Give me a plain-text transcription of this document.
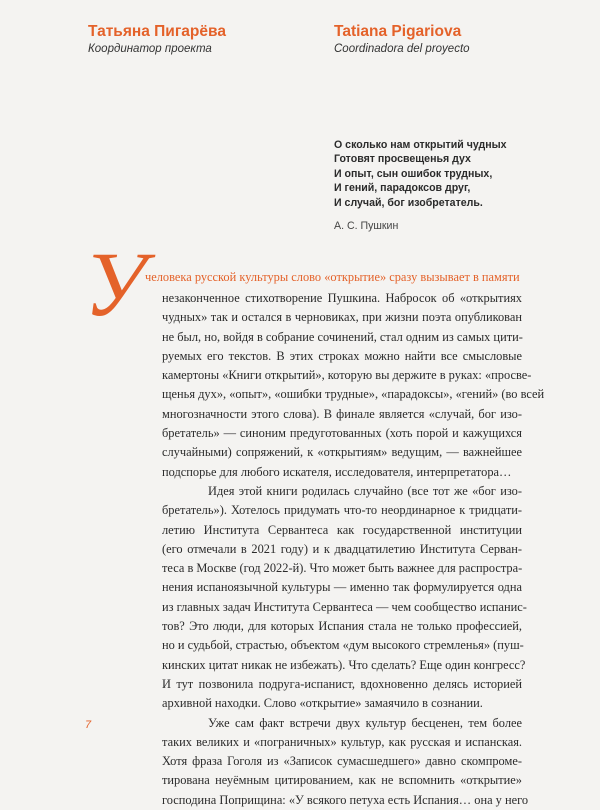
Татьяна Пигарёва
Координатор проекта
Tatiana Pigariova
Coordinadora del proyecto
О сколько нам открытий чудных
Готовят просвещенья дух
И опыт, сын ошибок трудных,
И гений, парадоксов друг,
И случай, бог изобретатель.
А. С. Пушкин
У человека русской культуры слово «открытие» сразу вызывает в памяти
незаконченное стихотворение Пушкина. Набросок об «открытиях
чудных» так и остался в черновиках, при жизни поэта опубликован
не был, но, войдя в собрание сочинений, стал одним из самых цити-
руемых его текстов. В этих строках можно найти все смысловые
камертоны «Книги открытий», которую вы держите в руках: «просве-
щенья дух», «опыт», «ошибки трудные», «парадоксы», «гений» (во всей
многозначности этого слова). В финале является «случай, бог изо-
бретатель» — синоним предуготованных (хоть порой и кажущихся
случайными) сопряжений, к «открытиям» ведущим, — важнейшее
подспорье для любого искателя, исследователя, интерпретатора…
Идея этой книги родилась случайно (все тот же «бог изо-
бретатель»). Хотелось придумать что-то неординарное к тридцати-
летию Института Сервантеса как государственной институции
(его отмечали в 2021 году) и к двадцатилетию Института Серван-
теса в Москве (год 2022-й). Что может быть важнее для распростра-
нения испаноязычной культуры — именно так формулируется одна
из главных задач Института Сервантеса — чем сообщество испанис-
тов? Это люди, для которых Испания стала не только профессией,
но и судьбой, страстью, объектом «дум высокого стремленья» (пуш-
кинских цитат никак не избежать). Что сделать? Еще один конгресс?
И тут позвонила подруга-испанист, вдохновенно делясь историей
архивной находки. Слово «открытие» замаячило в сознании.
Уже сам факт встречи двух культур бесценен, тем более
таких великих и «пограничных» культур, как русская и испанская.
Хотя фраза Гоголя из «Записок сумасшедшего» давно скомпроме-
тирована неуёмным цитированием, как не вспомнить «открытие»
господина Поприщина: «У всякого петуха есть Испания… она у него
7
